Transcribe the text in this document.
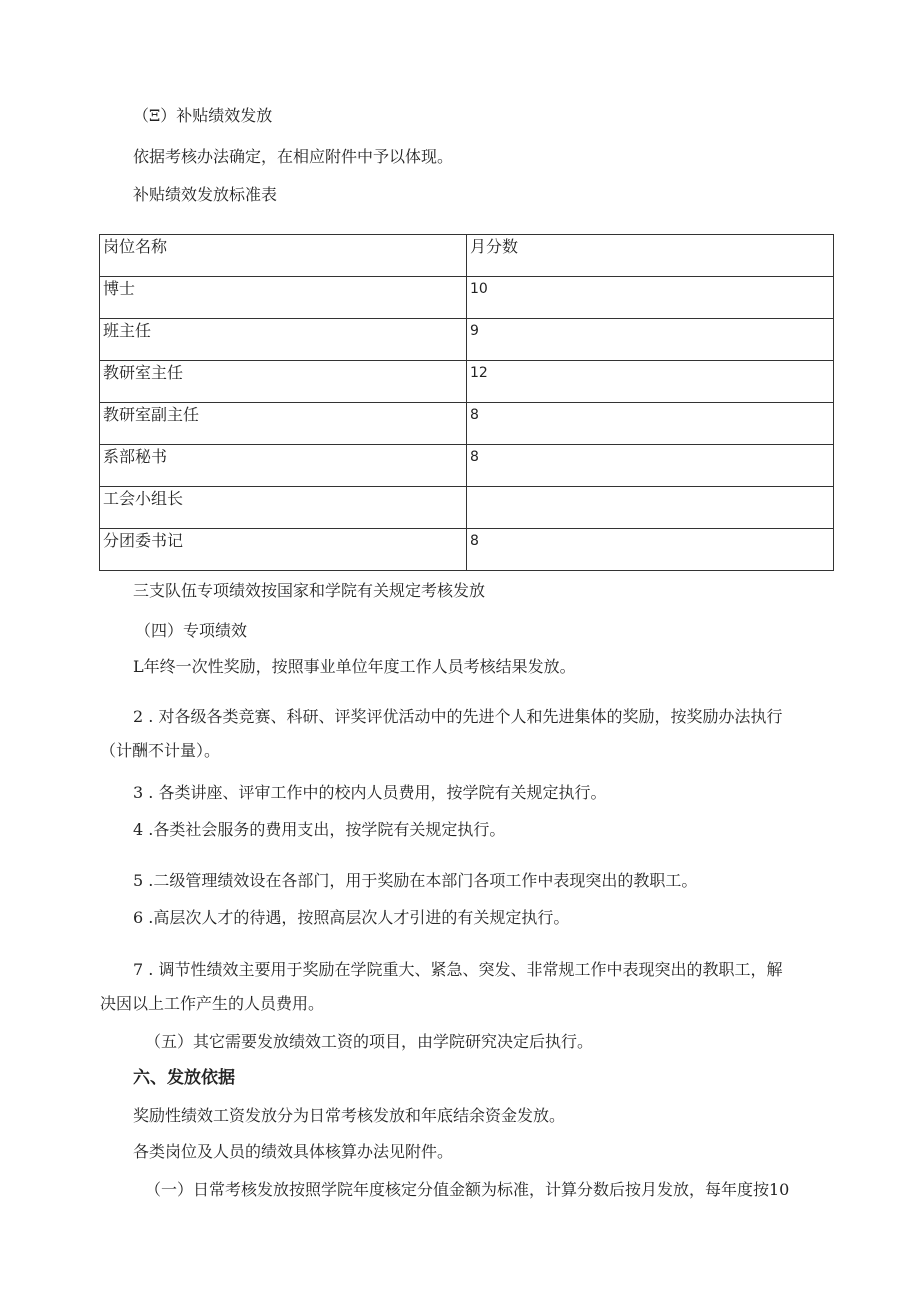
（Ξ）补贴绩效发放
依据考核办法确定，在相应附件中予以体现。
补贴绩效发放标准表
岗位名称	月分数
博士	10
班主任	9
教研室主任	12
教研室副主任	8
系部秘书	8
工会小组长	
分团委书记	8
三支队伍专项绩效按国家和学院有关规定考核发放
（四）专项绩效
L年终一次性奖励，按照事业单位年度工作人员考核结果发放。
2 . 对各级各类竞赛、科研、评奖评优活动中的先进个人和先进集体的奖励，按奖励办法执行
（计酬不计量）。
3 . 各类讲座、评审工作中的校内人员费用，按学院有关规定执行。
4 .各类社会服务的费用支出，按学院有关规定执行。
5 .二级管理绩效设在各部门，用于奖励在本部门各项工作中表现突出的教职工。
6 .高层次人才的待遇，按照高层次人才引进的有关规定执行。
7 . 调节性绩效主要用于奖励在学院重大、紧急、突发、非常规工作中表现突出的教职工，解
决因以上工作产生的人员费用。
（五）其它需要发放绩效工资的项目，由学院研究决定后执行。
六、发放依据
奖励性绩效工资发放分为日常考核发放和年底结余资金发放。
各类岗位及人员的绩效具体核算办法见附件。
（一）日常考核发放按照学院年度核定分值金额为标准，计算分数后按月发放，每年度按10
